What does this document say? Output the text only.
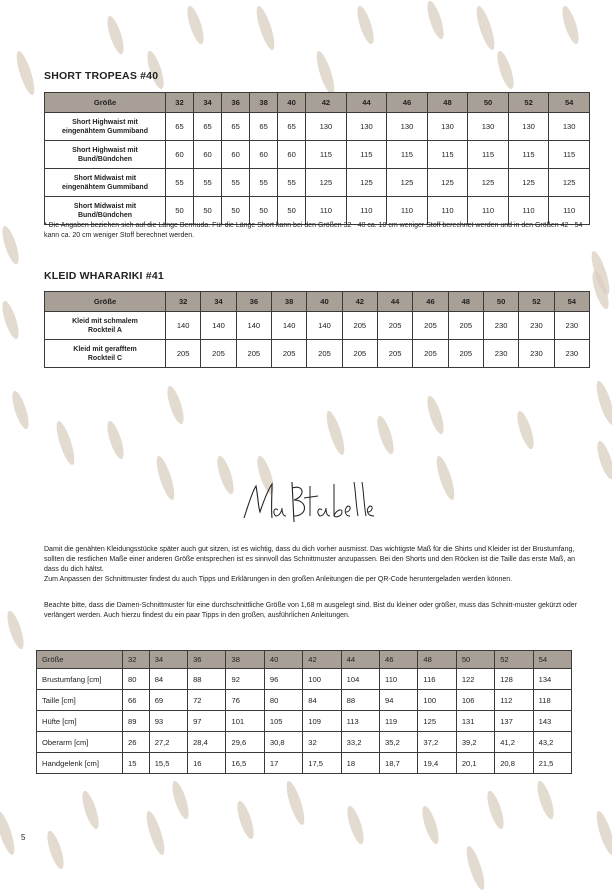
SHORT TROPEAS #40
Größe	32	34	36	38	40	42	44	46	48	50	52	54

Short Highwaist mit
eingenähtem Gummiband	65	65	65	65	65	130	130	130	130	130	130	130

Short Highwaist mit
Bund/Bündchen	60	60	60	60	60	115	115	115	115	115	115	115

Short Midwaist mit
eingenähtem Gummiband	55	55	55	55	55	125	125	125	125	125	125	125

Short Midwaist mit
Bund/Bündchen	50	50	50	50	50	110	110	110	110	110	110	110
* Die Angaben beziehen sich auf die Länge Bermuda. Für die Länge Short kann bei den Größen 32 - 40 ca. 10 cm weniger Stoff berechnet werden und in den Größen 42 - 54 kann ca. 20 cm weniger Stoff berechnet werden.
KLEID WHARARIKI #41
Größe	32	34	36	38	40	42	44	46	48	50	52	54

Kleid mit schmalem
Rockteil A	140	140	140	140	140	205	205	205	205	230	230	230

Kleid mit gerafftem
Rockteil C	205	205	205	205	205	205	205	205	205	230	230	230
Damit die genähten Kleidungsstücke später auch gut sitzen, ist es wichtig, dass du dich vorher ausmisst. Das wichtigste Maß für die Shirts und Kleider ist der Brustumfang, sollten die restlichen Maße einer anderen Größe entsprechen ist es sinnvoll das Schnittmuster anzupassen. Bei den Shorts und den Röcken ist die Taille das erste Maß, an dass du dich hältst.
Zum Anpassen der Schnittmuster findest du auch Tipps und Erklärungen in den großen Anleitungen die per QR-Code heruntergeladen werden können.
Beachte bitte, dass die Damen-Schnittmuster für eine durchschnittliche Größe von 1,68 m ausgelegt sind. Bist du kleiner oder größer, muss das Schnitt-muster gekürzt oder verlängert werden. Auch hierzu findest du ein paar Tipps in den großen, ausführlichen Anleitungen.
Größe	32	34	36	38	40	42	44	46	48	50	52	54
Brustumfang [cm]	80	84	88	92	96	100	104	110	116	122	128	134
Taille [cm]	66	69	72	76	80	84	88	94	100	106	112	118
Hüfte [cm]	89	93	97	101	105	109	113	119	125	131	137	143
Oberarm [cm]	26	27,2	28,4	29,6	30,8	32	33,2	35,2	37,2	39,2	41,2	43,2
Handgelenk [cm]	15	15,5	16	16,5	17	17,5	18	18,7	19,4	20,1	20,8	21,5
5
